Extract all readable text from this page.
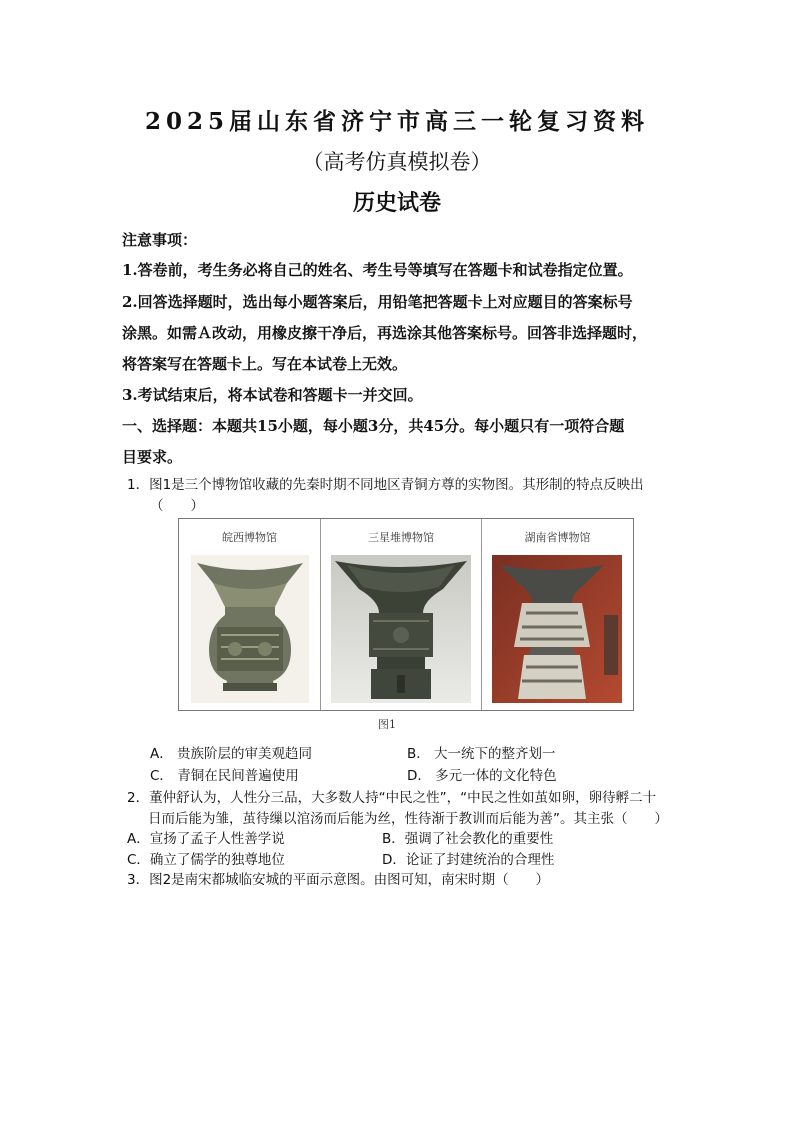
2025届山东省济宁市高三一轮复习资料
（高考仿真模拟卷）
历史试卷
注意事项：
1.答卷前，考生务必将自己的姓名、考生号等填写在答题卡和试卷指定位置。
2.回答选择题时，选出每小题答案后，用铅笔把答题卡上对应题目的答案标号
涂黑。如需Ａ改动，用橡皮擦干净后，再选涂其他答案标号。回答非选择题时，
将答案写在答题卡上。写在本试卷上无效。
3.考试结束后，将本试卷和答题卡一并交回。
一、选择题：本题共15小题，每小题3分，共45分。每小题只有一项符合题
目要求。
1．图1是三个博物馆收藏的先秦时期不同地区青铜方尊的实物图。其形制的特点反映出
（　　）
皖西博物馆	三星堆博物馆	湖南省博物馆
图1
A． 贵族阶层的审美观趋同	B． 大一统下的整齐划一
C． 青铜在民间普遍使用	D． 多元一体的文化特色
2．董仲舒认为，人性分三品，大多数人持“中民之性”，“中民之性如茧如卵，卵待孵二十
日而后能为雏，茧待缫以涫汤而后能为丝，性待渐于教训而后能为善”。其主张（　　）
A．宣扬了孟子人性善学说	B．强调了社会教化的重要性
C．确立了儒学的独尊地位	D．论证了封建统治的合理性
3．图2是南宋都城临安城的平面示意图。由图可知，南宋时期（　　）
